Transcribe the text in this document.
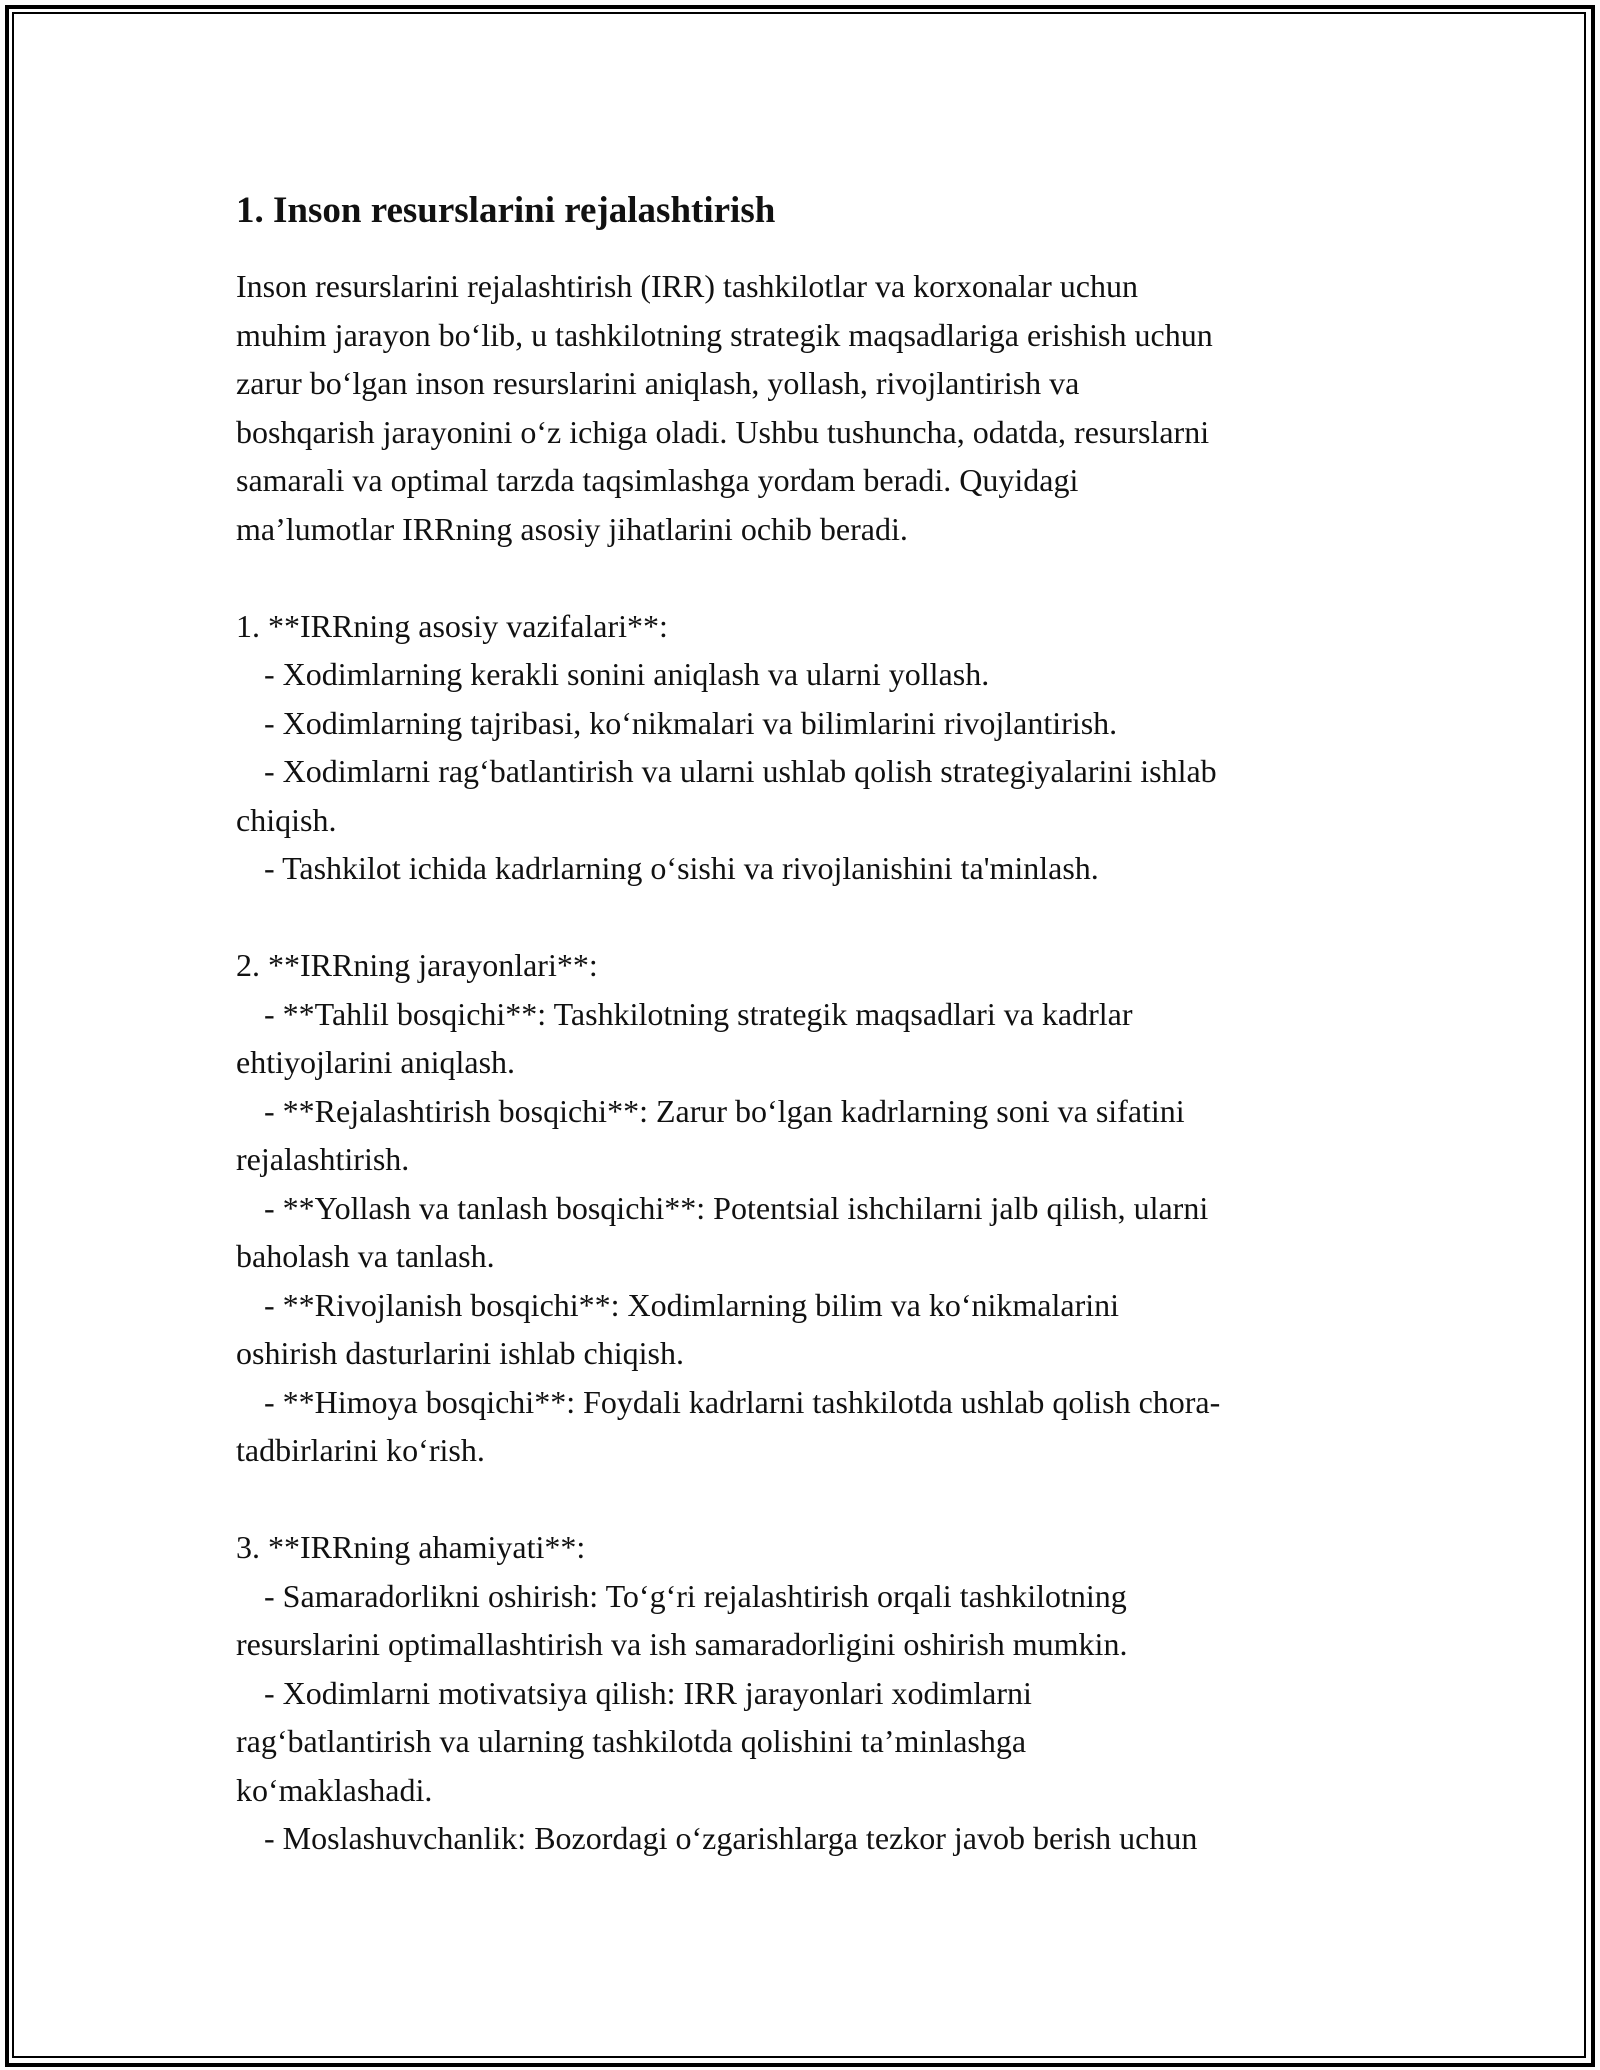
1. Inson resurslarini rejalashtirish
Inson resurslarini rejalashtirish (IRR) tashkilotlar va korxonalar uchun
muhim jarayon bo‘lib, u tashkilotning strategik maqsadlariga erishish uchun
zarur bo‘lgan inson resurslarini aniqlash, yollash, rivojlantirish va
boshqarish jarayonini o‘z ichiga oladi. Ushbu tushuncha, odatda, resurslarni
samarali va optimal tarzda taqsimlashga yordam beradi. Quyidagi
ma’lumotlar IRRning asosiy jihatlarini ochib beradi.
1. **IRRning asosiy vazifalari**:
- Xodimlarning kerakli sonini aniqlash va ularni yollash.
- Xodimlarning tajribasi, ko‘nikmalari va bilimlarini rivojlantirish.
- Xodimlarni rag‘batlantirish va ularni ushlab qolish strategiyalarini ishlab
chiqish.
- Tashkilot ichida kadrlarning o‘sishi va rivojlanishini ta'minlash.
2. **IRRning jarayonlari**:
- **Tahlil bosqichi**: Tashkilotning strategik maqsadlari va kadrlar
ehtiyojlarini aniqlash.
- **Rejalashtirish bosqichi**: Zarur bo‘lgan kadrlarning soni va sifatini
rejalashtirish.
- **Yollash va tanlash bosqichi**: Potentsial ishchilarni jalb qilish, ularni
baholash va tanlash.
- **Rivojlanish bosqichi**: Xodimlarning bilim va ko‘nikmalarini
oshirish dasturlarini ishlab chiqish.
- **Himoya bosqichi**: Foydali kadrlarni tashkilotda ushlab qolish chora-
tadbirlarini ko‘rish.
3. **IRRning ahamiyati**:
- Samaradorlikni oshirish: To‘g‘ri rejalashtirish orqali tashkilotning
resurslarini optimallashtirish va ish samaradorligini oshirish mumkin.
- Xodimlarni motivatsiya qilish: IRR jarayonlari xodimlarni
rag‘batlantirish va ularning tashkilotda qolishini ta’minlashga
ko‘maklashadi.
- Moslashuvchanlik: Bozordagi o‘zgarishlarga tezkor javob berish uchun
